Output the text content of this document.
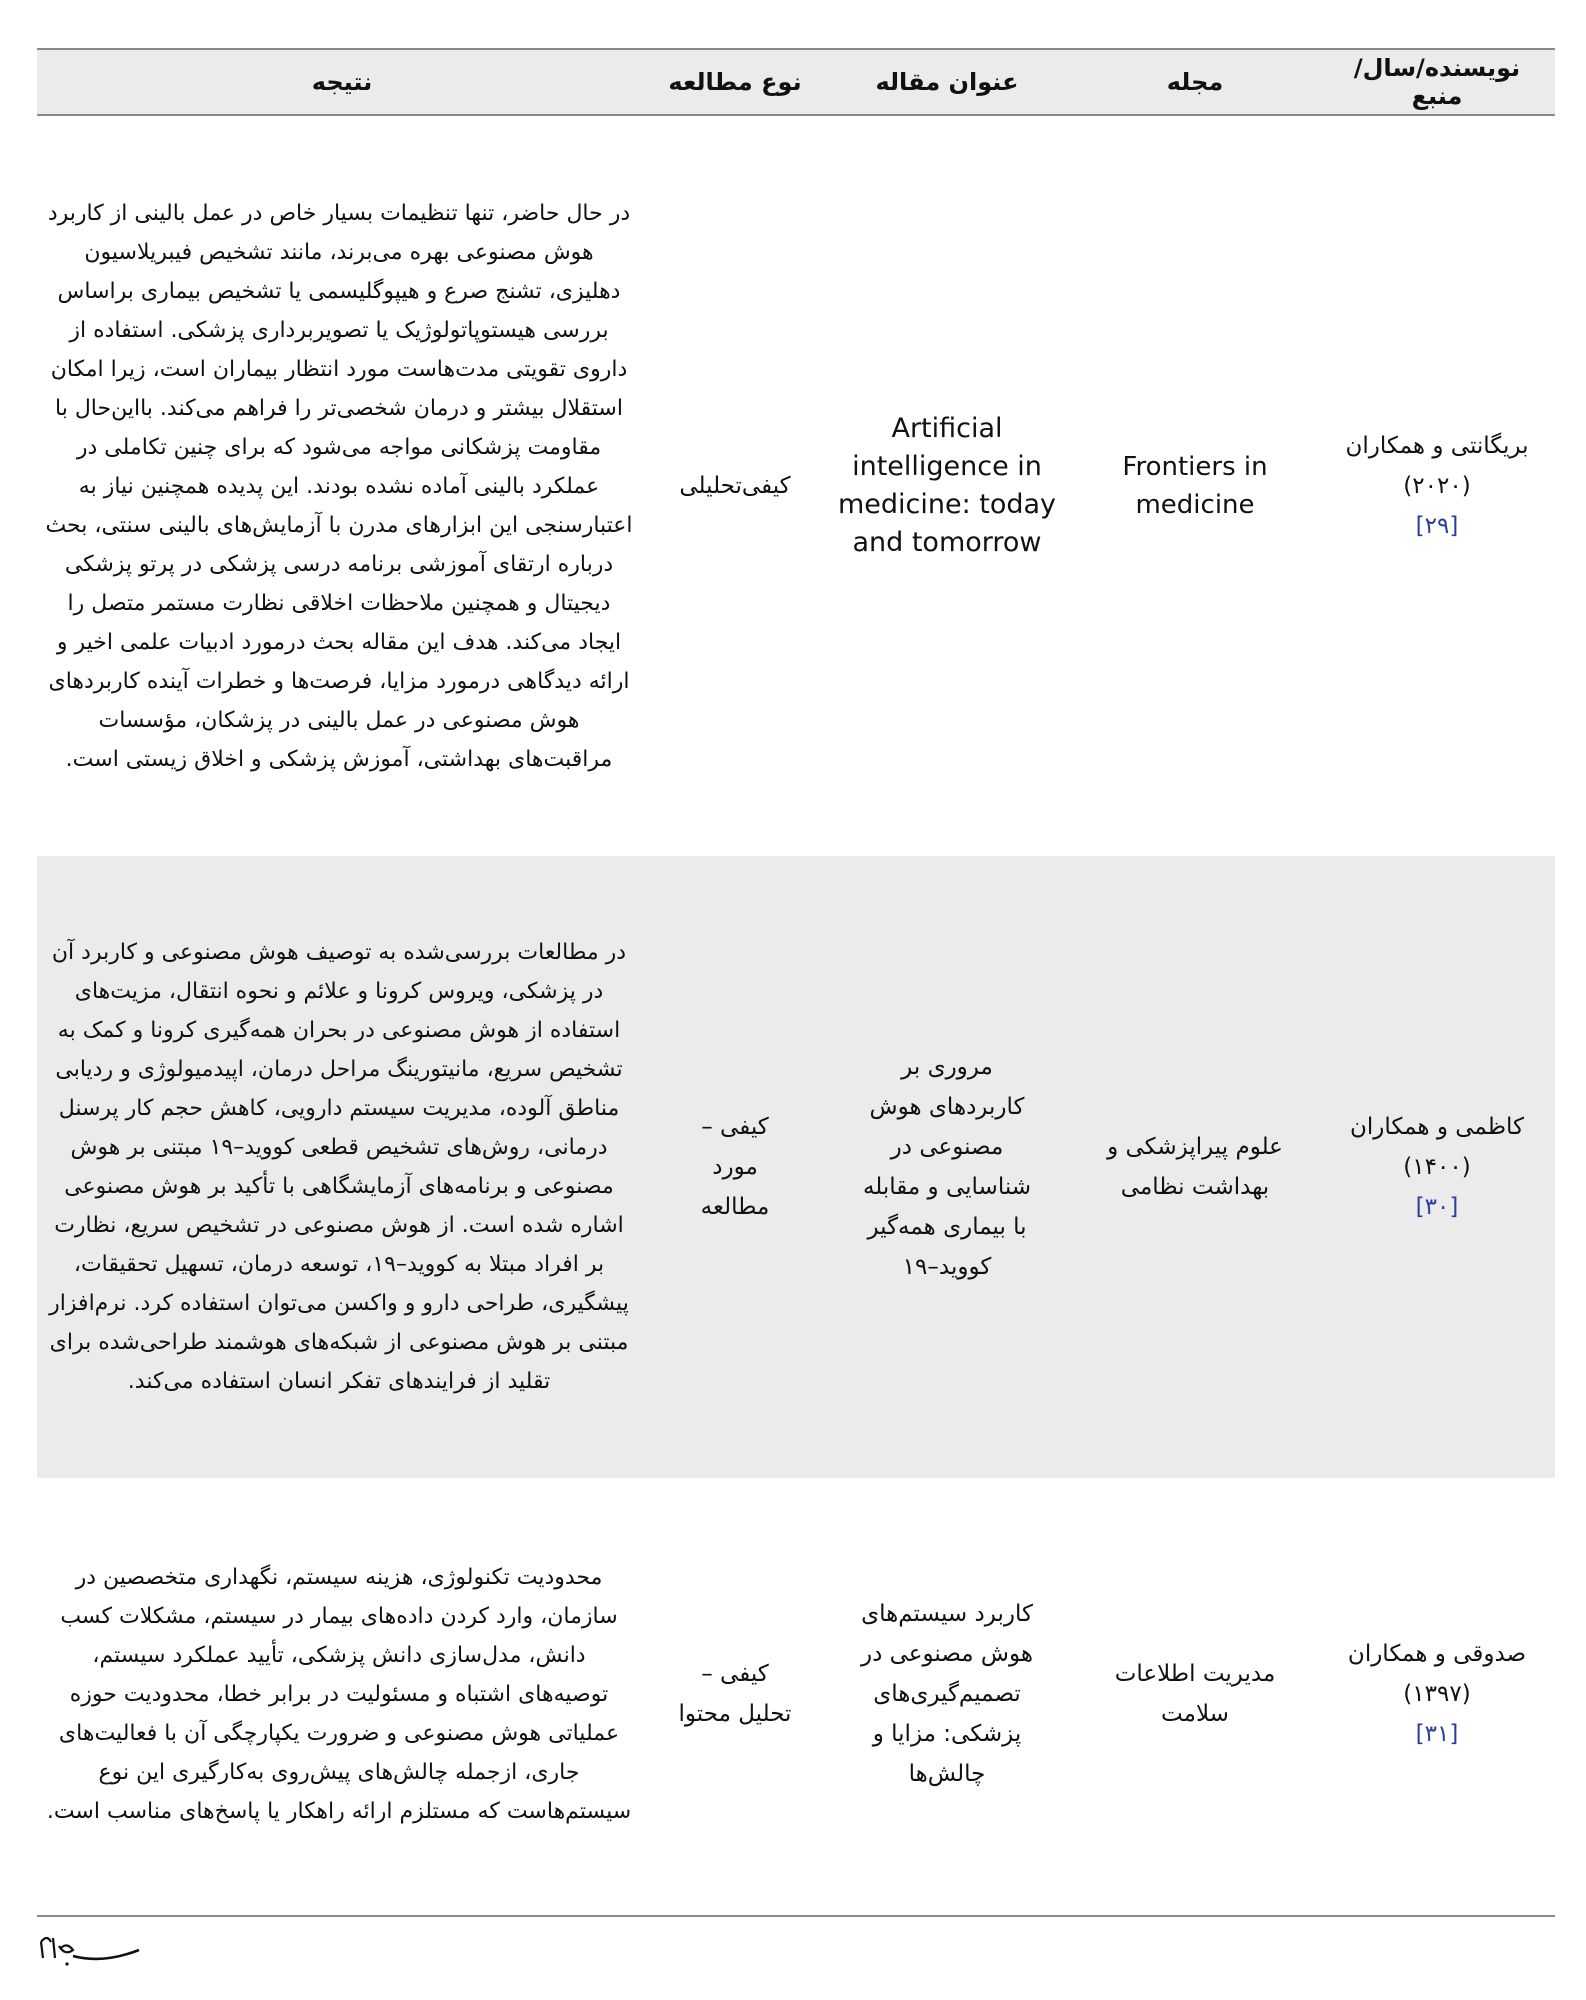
نویسنده/سال/منبع
مجله
عنوان مقاله
نوع مطالعه
نتیجه
بریگانتی و همکاران
(۲۰۲۰)
[۲۹]
Frontiers in medicine
Artificial intelligence in medicine: today and tomorrow
کیفی‌تحلیلی
در حال حاضر، تنها تنظیمات بسیار خاص در عمل بالینی از کاربرد هوش مصنوعی بهره می‌برند، مانند تشخیص فیبریلاسیون دهلیزی، تشنج صرع و هیپوگلیسمی یا تشخیص بیماری براساس بررسی هیستوپاتولوژیک یا تصویربرداری پزشکی. استفاده از داروی تقویتی مدت‌هاست مورد انتظار بیماران است، زیرا امکان استقلال بیشتر و درمان شخصی‌تر را فراهم می‌کند. بااین‌حال با مقاومت پزشکانی مواجه می‌شود که برای چنین تکاملی در عملکرد بالینی آماده نشده بودند. این پدیده همچنین نیاز به اعتبارسنجی این ابزارهای مدرن با آزمایش‌های بالینی سنتی، بحث درباره ارتقای آموزشی برنامه درسی پزشکی در پرتو پزشکی دیجیتال و همچنین ملاحظات اخلاقی نظارت مستمر متصل را ایجاد می‌کند. هدف این مقاله بحث درمورد ادبیات علمی اخیر و ارائه دیدگاهی درمورد مزایا، فرصت‌ها و خطرات آینده کاربردهای هوش مصنوعی در عمل بالینی در پزشکان، مؤسسات مراقبت‌های بهداشتی، آموزش پزشکی و اخلاق زیستی است.
کاظمی و همکاران
(۱۴۰۰)
[۳۰]
علوم پیراپزشکی و بهداشت نظامی
مروری بر کاربردهای هوش مصنوعی در شناسایی و مقابله با بیماری همه‌گیر کووید–۱۹
کیفی – مورد مطالعه
در مطالعات بررسی‌شده به توصیف هوش مصنوعی و کاربرد آن در پزشکی، ویروس کرونا و علائم و نحوه انتقال، مزیت‌های استفاده از هوش مصنوعی در بحران همه‌گیری کرونا و کمک به تشخیص سریع، مانیتورینگ مراحل درمان، اپیدمیولوژی و ردیابی مناطق آلوده، مدیریت سیستم دارویی، کاهش حجم کار پرسنل درمانی، روش‌های تشخیص قطعی کووید–۱۹ مبتنی بر هوش مصنوعی و برنامه‌های آزمایشگاهی با تأکید بر هوش مصنوعی اشاره شده است. از هوش مصنوعی در تشخیص سریع، نظارت بر افراد مبتلا به کووید–۱۹، توسعه درمان، تسهیل تحقیقات، پیشگیری، طراحی دارو و واکسن می‌توان استفاده کرد. نرم‌افزار مبتنی بر هوش مصنوعی از شبکه‌های هوشمند طراحی‌شده برای تقلید از فرایندهای تفکر انسان استفاده می‌کند.
صدوقی و همکاران
(۱۳۹۷)
[۳۱]
مدیریت اطلاعات سلامت
کاربرد سیستم‌های هوش مصنوعی در تصمیم‌گیری‌های پزشکی: مزایا و چالش‌ها
کیفی – تحلیل محتوا
محدودیت تکنولوژی، هزینه سیستم، نگهداری متخصصین در سازمان، وارد کردن داده‌های بیمار در سیستم، مشکلات کسب دانش، مدل‌سازی دانش پزشکی، تأیید عملکرد سیستم، توصیه‌های اشتباه و مسئولیت در برابر خطا، محدودیت حوزه عملیاتی هوش مصنوعی و ضرورت یکپارچگی آن با فعالیت‌های جاری، ازجمله چالش‌های پیش‌روی به‌کارگیری این نوع سیستم‌هاست که مستلزم ارائه راهکار یا پاسخ‌های مناسب است.
